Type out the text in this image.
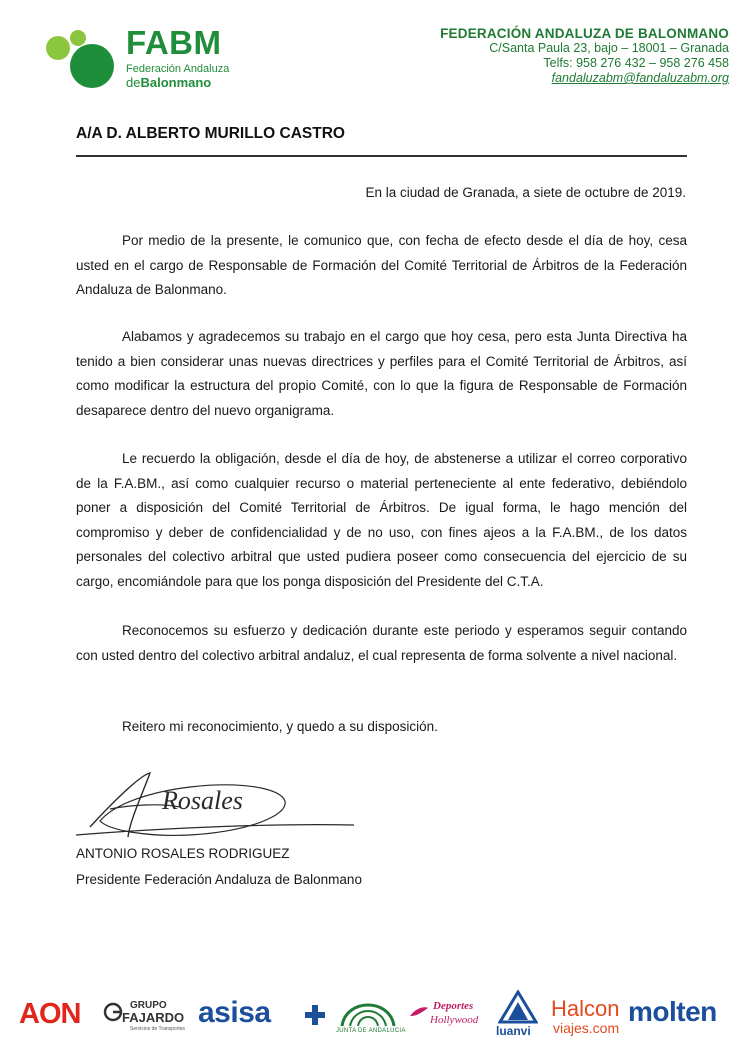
FABM
Federación Andaluza
deBalonmano
FEDERACIÓN ANDALUZA DE BALONMANO
C/Santa Paula 23, bajo – 18001 – Granada
Telfs: 958 276 432 – 958 276 458
fandaluzabm@fandaluzabm.org
A/A D. ALBERTO MURILLO CASTRO
En la ciudad de Granada, a siete de octubre de 2019.
Por medio de la presente, le comunico que, con fecha de efecto desde el día de hoy, cesa usted en el cargo de Responsable de Formación del Comité Territorial de Árbitros de la Federación Andaluza de Balonmano.
Alabamos y agradecemos su trabajo en el cargo que hoy cesa, pero esta Junta Directiva ha tenido a bien considerar unas nuevas directrices y perfiles para el Comité Territorial de Árbitros, así como modificar la estructura del propio Comité, con lo que la figura de Responsable de Formación desaparece dentro del nuevo organigrama.
Le recuerdo la obligación, desde el día de hoy, de abstenerse a utilizar el correo corporativo de la F.A.BM., así como cualquier recurso o material perteneciente al ente federativo, debiéndolo poner a disposición del Comité Territorial de Árbitros. De igual forma, le hago mención del compromiso y deber de confidencialidad y de no uso, con fines ajeos a la F.A.BM., de los datos personales del colectivo arbitral que usted pudiera poseer como consecuencia del ejercicio de su cargo, encomiándole para que los ponga disposición del Presidente del C.T.A.
Reconocemos su esfuerzo y dedicación durante este periodo y esperamos seguir contando con usted dentro del colectivo arbitral andaluz, el cual representa de forma solvente a nivel nacional.
Reitero mi reconocimiento, y quedo a su disposición.
Rosales
ANTONIO ROSALES RODRIGUEZ
Presidente Federación Andaluza de Balonmano
AON	GRUPO
FAJARDO
Servicios de Transportes asisa
JUNTA DE ANDALUCIA
Deportes
Hollywood
luanvi
Halcon
viajes.com
molten
